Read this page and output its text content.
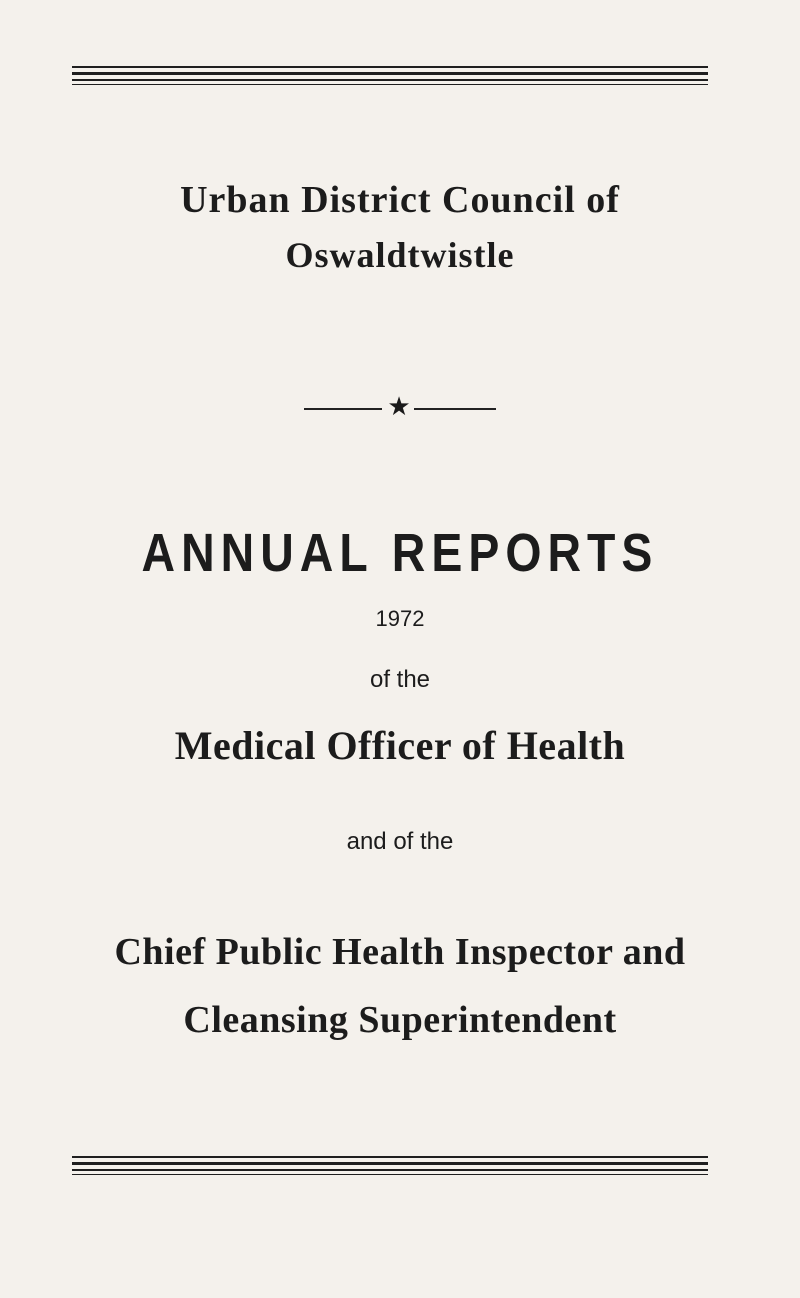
Urban District Council of
Oswaldtwistle
★
ANNUAL REPORTS

1972

of the

Medical Officer of Health

and of the

Chief Public Health Inspector and
Cleansing Superintendent
